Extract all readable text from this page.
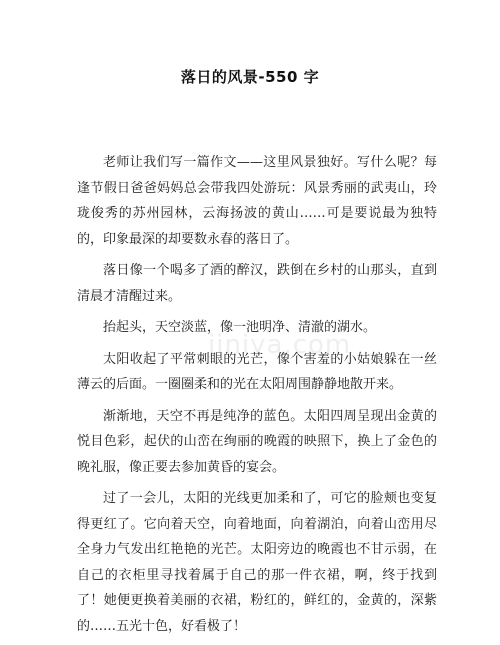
落日的风景-550 字

老师让我们写一篇作文——这里风景独好。写什么呢？每逢节假日爸爸妈妈总会带我四处游玩：风景秀丽的武夷山，玲珑俊秀的苏州园林，云海扬波的黄山……可是要说最为独特的，印象最深的却要数永春的落日了。

落日像一个喝多了酒的醉汉，跌倒在乡村的山那头，直到清晨才清醒过来。

抬起头，天空淡蓝，像一池明净、清澈的湖水。

太阳收起了平常刺眼的光芒，像个害羞的小姑娘躲在一丝薄云的后面。一圈圈柔和的光在太阳周围静静地散开来。

渐渐地，天空不再是纯净的蓝色。太阳四周呈现出金黄的悦目色彩，起伏的山峦在绚丽的晚霞的映照下，换上了金色的晚礼服，像正要去参加黄昏的宴会。

过了一会儿，太阳的光线更加柔和了，可它的脸颊也变复得更红了。它向着天空，向着地面，向着湖泊，向着山峦用尽全身力气发出红艳艳的光芒。太阳旁边的晚霞也不甘示弱，在自己的衣柜里寻找着属于自己的那一件衣裙，啊，终于找到了！她便更换着美丽的衣裙，粉红的，鲜红的，金黄的，深紫的……五光十色，好看极了！

jiniya.com
